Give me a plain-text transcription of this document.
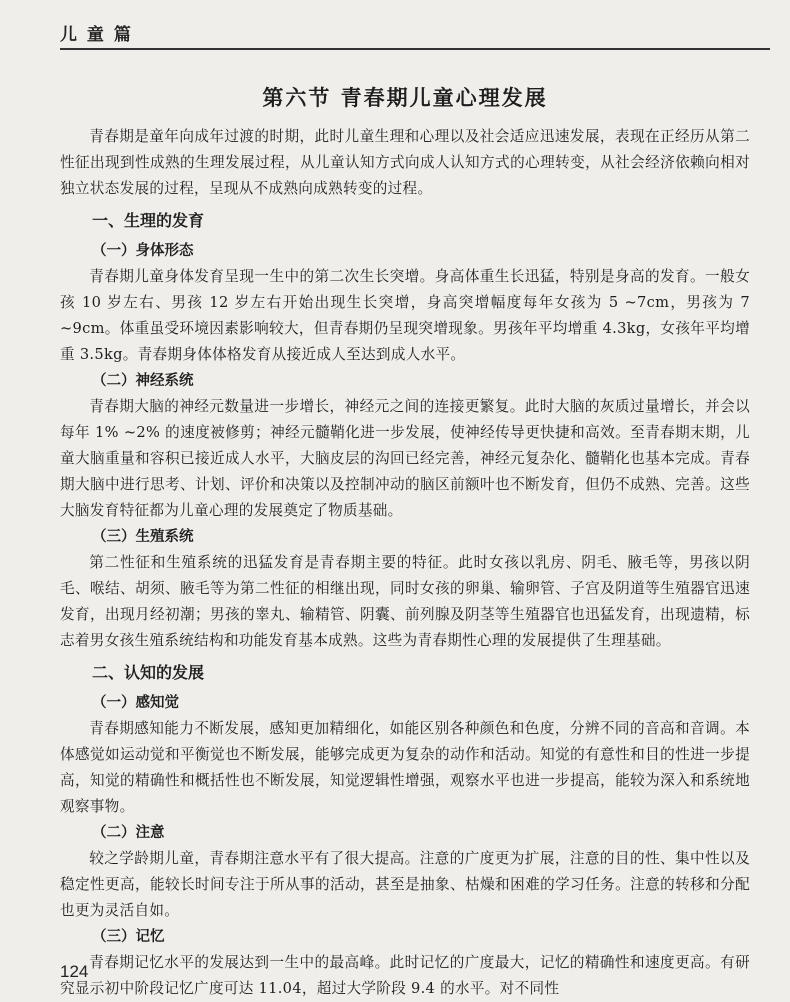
儿 童 篇
第六节 青春期儿童心理发展

青春期是童年向成年过渡的时期，此时儿童生理和心理以及社会适应迅速发展，表现在正经历从第二性征出现到性成熟的生理发展过程，从儿童认知方式向成人认知方式的心理转变，从社会经济依赖向相对独立状态发展的过程，呈现从不成熟向成熟转变的过程。

一、生理的发育
（一）身体形态

青春期儿童身体发育呈现一生中的第二次生长突增。身高体重生长迅猛，特别是身高的发育。一般女孩 10 岁左右、男孩 12 岁左右开始出现生长突增，身高突增幅度每年女孩为 5 ~7cm，男孩为 7 ~9cm。体重虽受环境因素影响较大，但青春期仍呈现突增现象。男孩年平均增重 4.3kg，女孩年平均增重 3.5kg。青春期身体体格发育从接近成人至达到成人水平。

（二）神经系统

青春期大脑的神经元数量进一步增长，神经元之间的连接更繁复。此时大脑的灰质过量增长，并会以每年 1% ~2% 的速度被修剪；神经元髓鞘化进一步发展，使神经传导更快捷和高效。至青春期末期，儿童大脑重量和容积已接近成人水平，大脑皮层的沟回已经完善，神经元复杂化、髓鞘化也基本完成。青春期大脑中进行思考、计划、评价和决策以及控制冲动的脑区前额叶也不断发育，但仍不成熟、完善。这些大脑发育特征都为儿童心理的发展奠定了物质基础。

（三）生殖系统

第二性征和生殖系统的迅猛发育是青春期主要的特征。此时女孩以乳房、阴毛、腋毛等，男孩以阴毛、喉结、胡须、腋毛等为第二性征的相继出现，同时女孩的卵巢、输卵管、子宫及阴道等生殖器官迅速发育，出现月经初潮；男孩的睾丸、输精管、阴囊、前列腺及阴茎等生殖器官也迅猛发育，出现遗精，标志着男女孩生殖系统结构和功能发育基本成熟。这些为青春期性心理的发展提供了生理基础。

二、认知的发展
（一）感知觉

青春期感知能力不断发展，感知更加精细化，如能区别各种颜色和色度，分辨不同的音高和音调。本体感觉如运动觉和平衡觉也不断发展，能够完成更为复杂的动作和活动。知觉的有意性和目的性进一步提高，知觉的精确性和概括性也不断发展，知觉逻辑性增强，观察水平也进一步提高，能较为深入和系统地观察事物。

（二）注意

较之学龄期儿童，青春期注意水平有了很大提高。注意的广度更为扩展，注意的目的性、集中性以及稳定性更高，能较长时间专注于所从事的活动，甚至是抽象、枯燥和困难的学习任务。注意的转移和分配也更为灵活自如。

（三）记忆

青春期记忆水平的发展达到一生中的最高峰。此时记忆的广度最大，记忆的精确性和速度更高。有研究显示初中阶段记忆广度可达 11.04，超过大学阶段 9.4 的水平。对不同性

124
